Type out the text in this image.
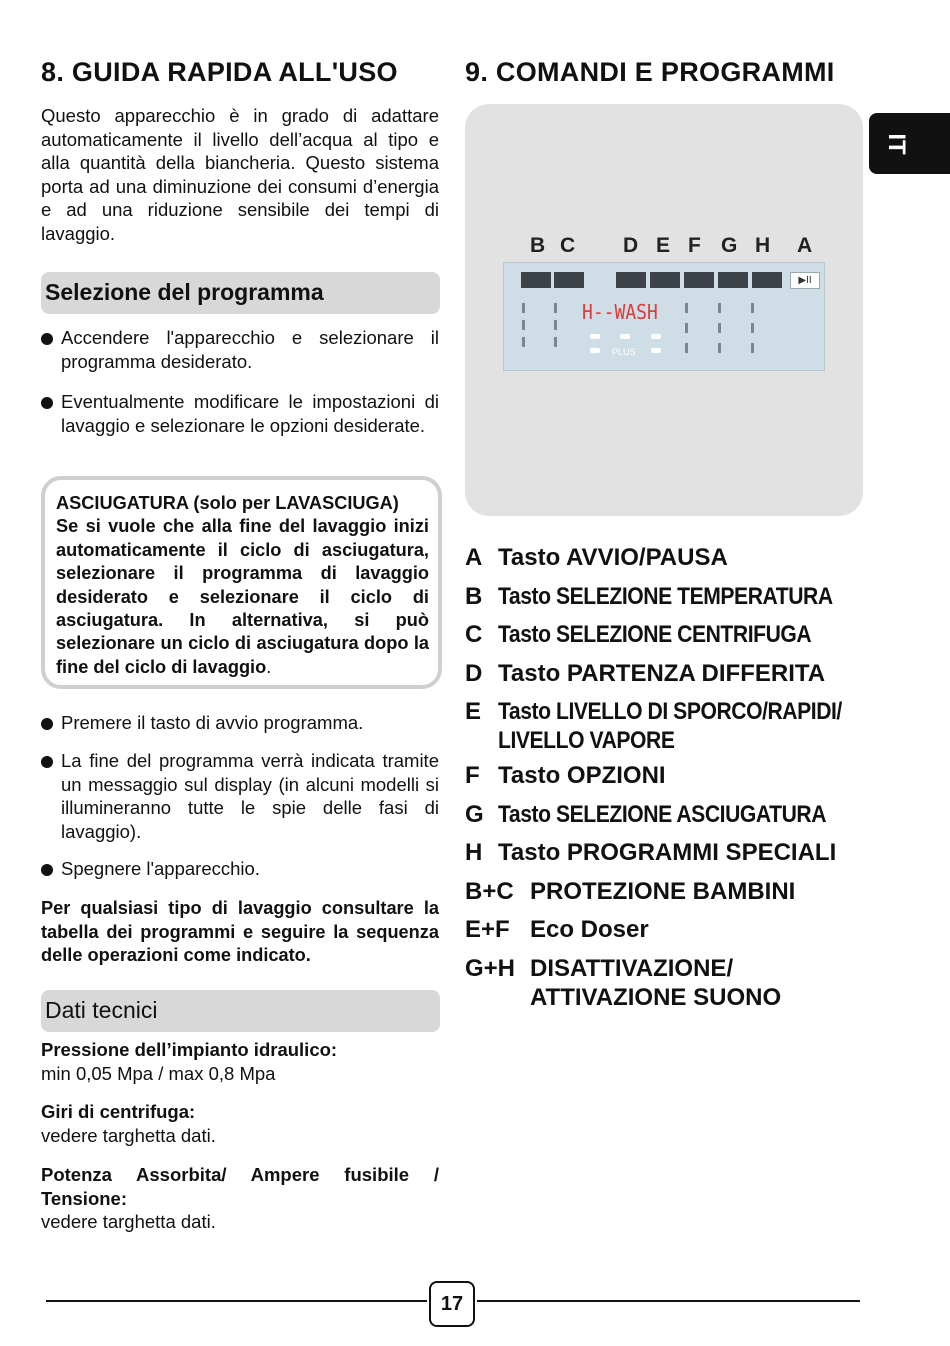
8. GUIDA RAPIDA ALL'USO
Questo apparecchio è in grado di adattare automaticamente il livello dell’acqua al tipo e alla quantità della biancheria. Questo sistema porta ad una diminuzione dei consumi d’energia e ad una riduzione sensibile dei tempi di lavaggio.
Selezione del programma
Accendere l'apparecchio e selezionare il programma desiderato.
Eventualmente modificare le impostazioni di lavaggio e selezionare le opzioni desiderate.
ASCIUGATURA (solo per LAVASCIUGA)
Se si vuole che alla fine del lavaggio inizi automaticamente il ciclo di asciugatura, selezionare il programma di lavaggio desiderato e selezionare il ciclo di asciugatura. In alternativa, si può selezionare un ciclo di asciugatura dopo la fine del ciclo di lavaggio.
Premere il tasto di avvio programma.
La fine del programma verrà indicata tramite un messaggio sul display (in alcuni modelli si illumineranno tutte le spie delle fasi di lavaggio).
Spegnere l'apparecchio.
Per qualsiasi tipo di lavaggio consultare la tabella dei programmi e seguire la sequenza delle operazioni come indicato.
Dati tecnici
Pressione dell’impianto idraulico:
min 0,05 Mpa / max 0,8 Mpa
Giri di centrifuga:
vedere targhetta dati.
Potenza Assorbita/ Ampere fusibile / Tensione:
vedere targhetta dati.
9. COMANDI E PROGRAMMI
B C D E F G H A
▶II
H--WASH
PLUS
A Tasto AVVIO/PAUSA
B Tasto SELEZIONE TEMPERATURA
C Tasto SELEZIONE CENTRIFUGA
D Tasto PARTENZA DIFFERITA
E Tasto LIVELLO DI SPORCO/RAPIDI/
LIVELLO VAPORE
F Tasto OPZIONI
G Tasto SELEZIONE ASCIUGATURA
H Tasto PROGRAMMI SPECIALI
B+C PROTEZIONE BAMBINI
E+F Eco Doser
G+H DISATTIVAZIONE/
ATTIVAZIONE SUONO
IT
17
